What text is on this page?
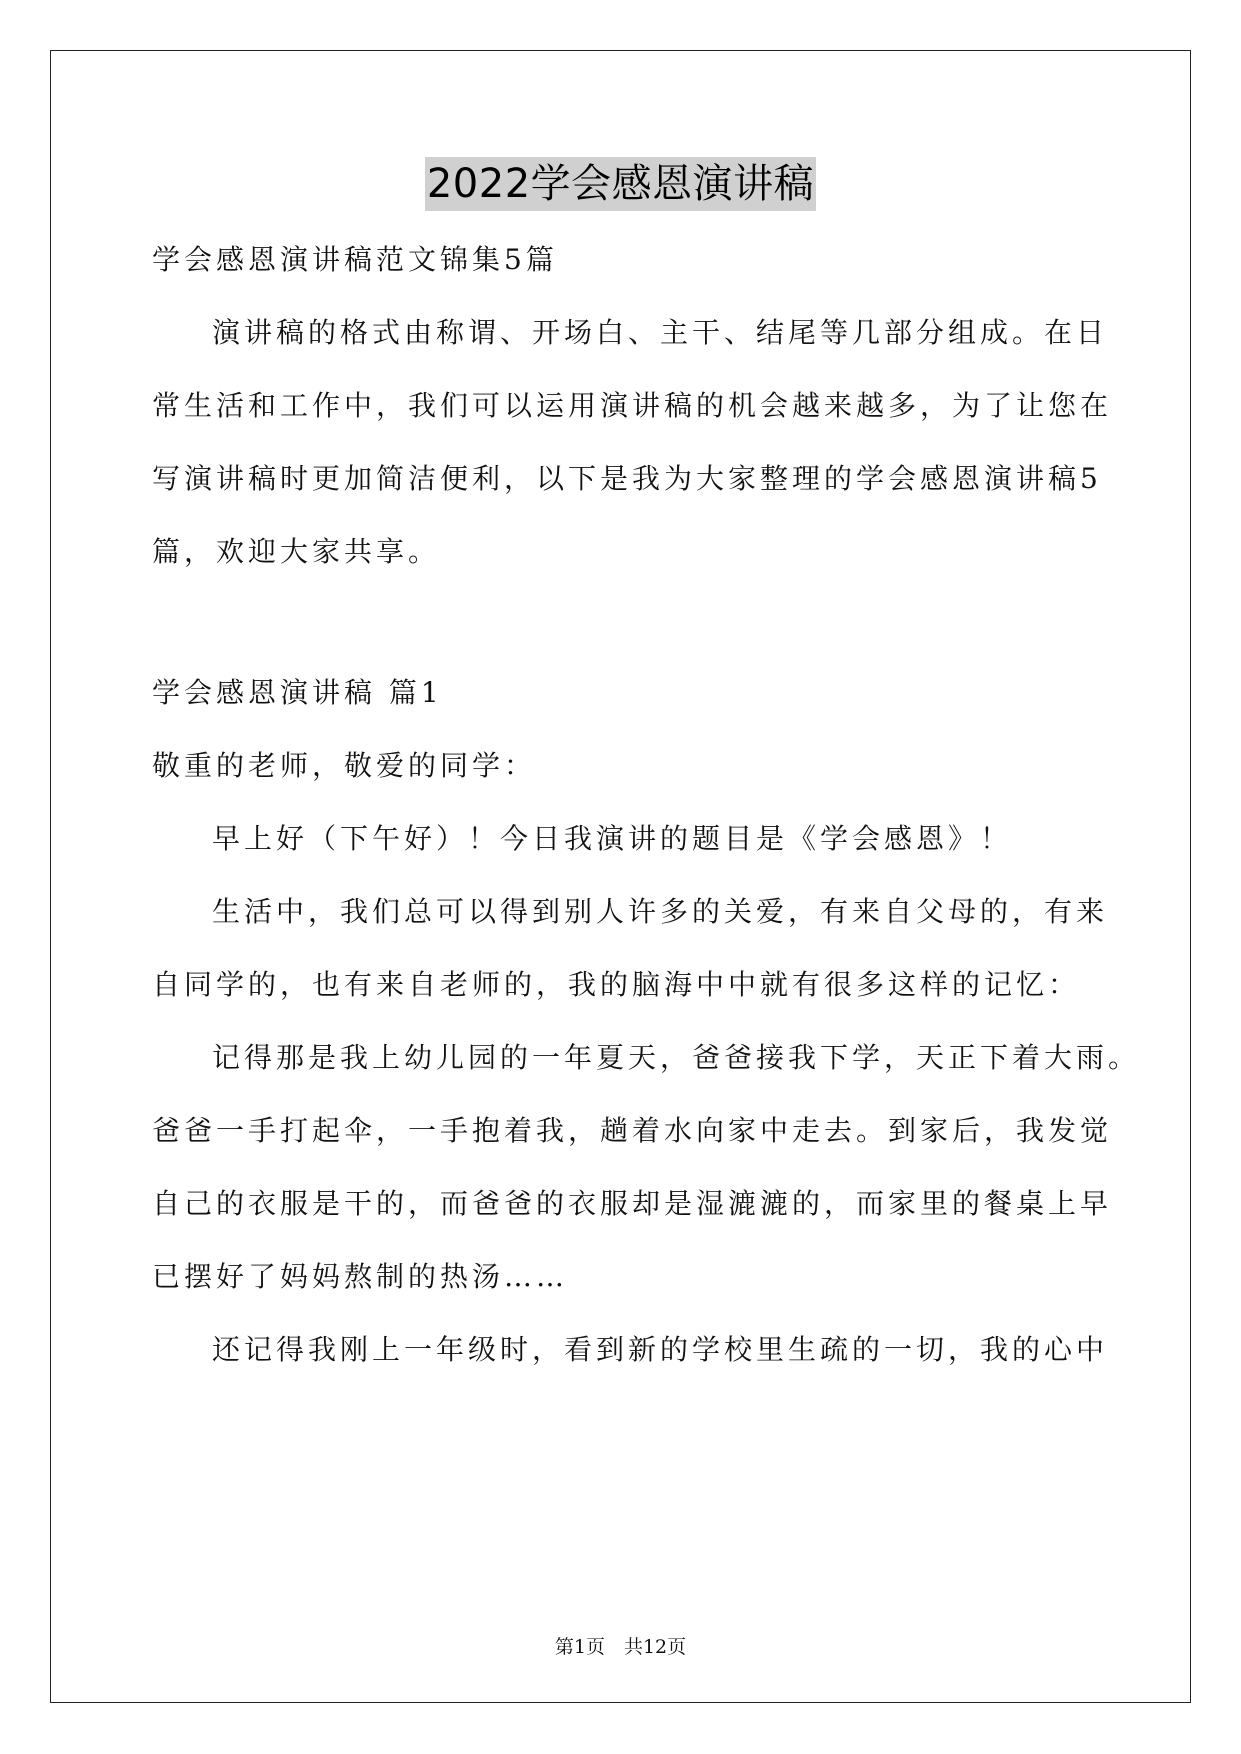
2022学会感恩演讲稿
学会感恩演讲稿范文锦集5篇
演讲稿的格式由称谓、开场白、主干、结尾等几部分组成。在日
常生活和工作中，我们可以运用演讲稿的机会越来越多，为了让您在
写演讲稿时更加简洁便利，以下是我为大家整理的学会感恩演讲稿5
篇，欢迎大家共享。
学会感恩演讲稿 篇1
敬重的老师，敬爱的同学：
早上好（下午好）！今日我演讲的题目是《学会感恩》！
生活中，我们总可以得到别人许多的关爱，有来自父母的，有来
自同学的，也有来自老师的，我的脑海中中就有很多这样的记忆：
记得那是我上幼儿园的一年夏天，爸爸接我下学，天正下着大雨。
爸爸一手打起伞，一手抱着我，趟着水向家中走去。到家后，我发觉
自己的衣服是干的，而爸爸的衣服却是湿漉漉的，而家里的餐桌上早
已摆好了妈妈熬制的热汤……
还记得我刚上一年级时，看到新的学校里生疏的一切，我的心中
第1页　共12页
